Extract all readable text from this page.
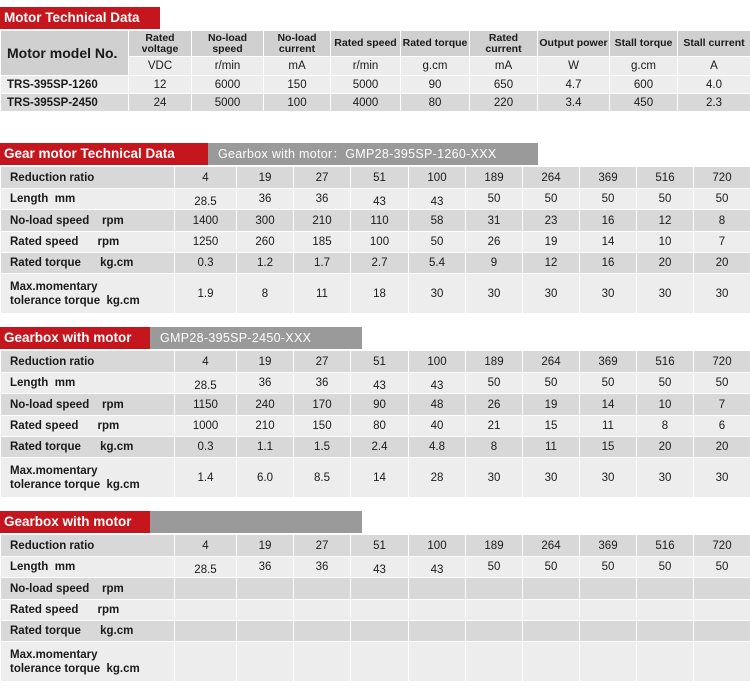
Motor Technical Data
Motor model No.	Rated voltage	No-load speed	No-load current	Rated speed	Rated torque	Rated current	Output power	Stall torque	Stall current
	VDC	r/min	mA	r/min	g.cm	mA	W	g.cm	A
TRS-395SP-1260	12	6000	150	5000	90	650	4.7	600	4.0
TRS-395SP-2450	24	5000	100	4000	80	220	3.4	450	2.3
Gear motor Technical Data	Gearbox with motor：GMP28-395SP-1260-XXX
Reduction ratio	4	19	27	51	100	189	264	369	516	720
Length  mm	28.5	36	36	43	43	50	50	50	50	50
No-load speed    rpm	1400	300	210	110	58	31	23	16	12	8
Rated speed      rpm	1250	260	185	100	50	26	19	14	10	7
Rated torque      kg.cm	0.3	1.2	1.7	2.7	5.4	9	12	16	20	20

Max.momentary
tolerance torque  kg.cm	1.9	8	11	18	30	30	30	30	30	30
Gearbox with motor	GMP28-395SP-2450-XXX
Reduction ratio	4	19	27	51	100	189	264	369	516	720
Length  mm	28.5	36	36	43	43	50	50	50	50	50
No-load speed    rpm	1150	240	170	90	48	26	19	14	10	7
Rated speed      rpm	1000	210	150	80	40	21	15	11	8	6
Rated torque      kg.cm	0.3	1.1	1.5	2.4	4.8	8	11	15	20	20

Max.momentary
tolerance torque  kg.cm	1.4	6.0	8.5	14	28	30	30	30	30	30
Gearbox with motor
Reduction ratio	4	19	27	51	100	189	264	369	516	720
Length  mm	28.5	36	36	43	43	50	50	50	50	50
No-load speed    rpm										
Rated speed      rpm										
Rated torque      kg.cm										

Max.momentary
tolerance torque  kg.cm										
